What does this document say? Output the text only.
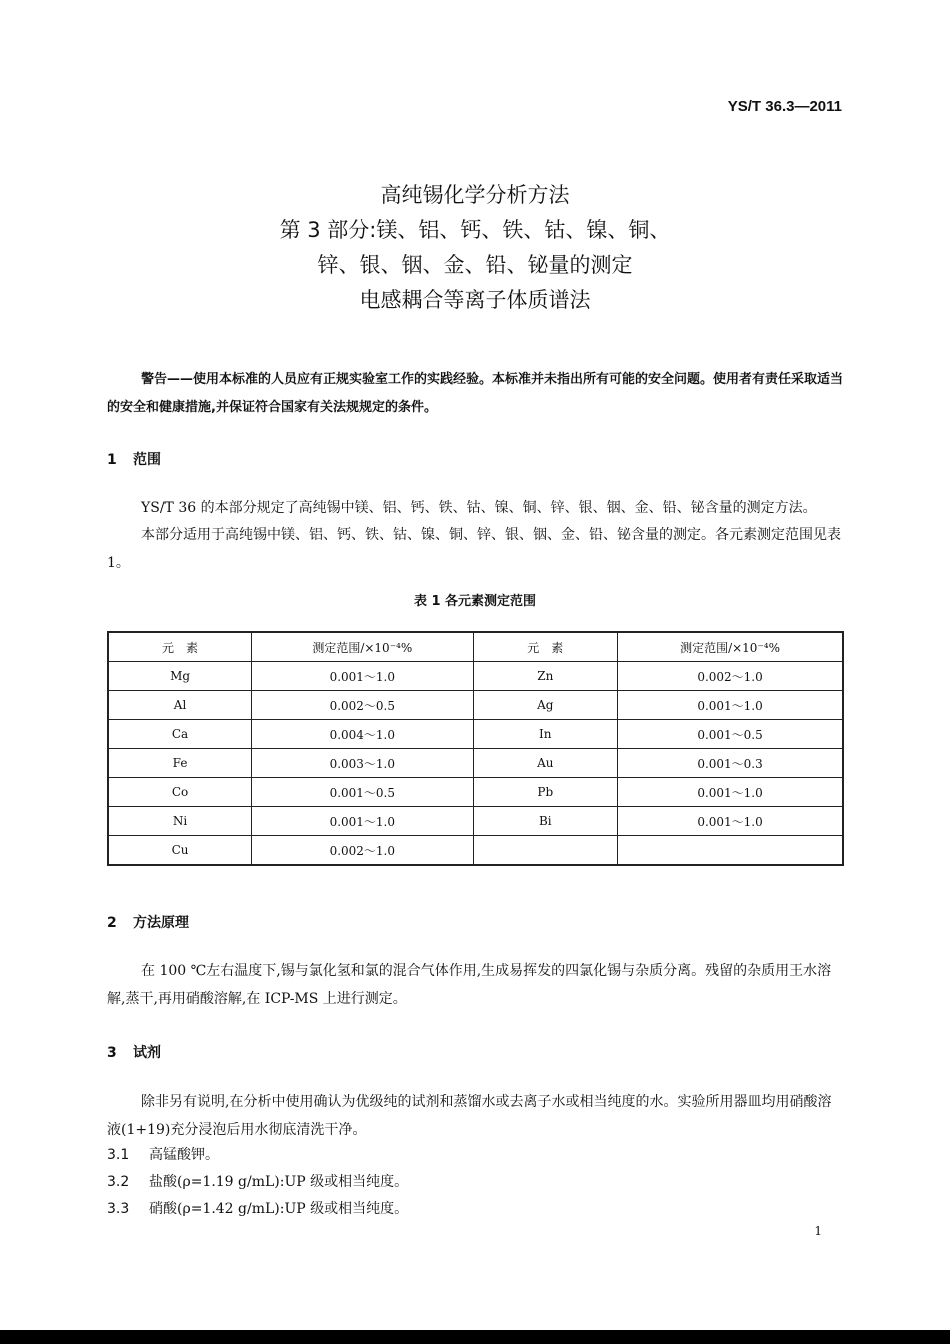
YS/T 36.3—2011
高纯锡化学分析方法
第 3 部分:镁、铝、钙、铁、钴、镍、铜、
锌、银、铟、金、铅、铋量的测定
电感耦合等离子体质谱法
警告——使用本标准的人员应有正规实验室工作的实践经验。本标准并未指出所有可能的安全问题。使用者有责任采取适当的安全和健康措施,并保证符合国家有关法规规定的条件。
1 范围
YS/T 36 的本部分规定了高纯锡中镁、铝、钙、铁、钴、镍、铜、锌、银、铟、金、铅、铋含量的测定方法。
本部分适用于高纯锡中镁、铝、钙、铁、钴、镍、铜、锌、银、铟、金、铅、铋含量的测定。各元素测定范围见表 1。
表 1 各元素测定范围
元　素	测定范围/×10⁻⁴%	元　素	测定范围/×10⁻⁴%
Mg	0.001～1.0	Zn	0.002～1.0
Al	0.002～0.5	Ag	0.001～1.0
Ca	0.004～1.0	In	0.001～0.5
Fe	0.003～1.0	Au	0.001～0.3
Co	0.001～0.5	Pb	0.001～1.0
Ni	0.001～1.0	Bi	0.001～1.0
Cu	0.002～1.0		
2 方法原理
在 100 ℃左右温度下,锡与氯化氢和氯的混合气体作用,生成易挥发的四氯化锡与杂质分离。残留的杂质用王水溶解,蒸干,再用硝酸溶解,在 ICP-MS 上进行测定。
3 试剂
除非另有说明,在分析中使用确认为优级纯的试剂和蒸馏水或去离子水或相当纯度的水。实验所用器皿均用硝酸溶液(1+19)充分浸泡后用水彻底清洗干净。
3.1 高锰酸钾。
3.2 盐酸(ρ=1.19 g/mL):UP 级或相当纯度。
3.3 硝酸(ρ=1.42 g/mL):UP 级或相当纯度。
1
